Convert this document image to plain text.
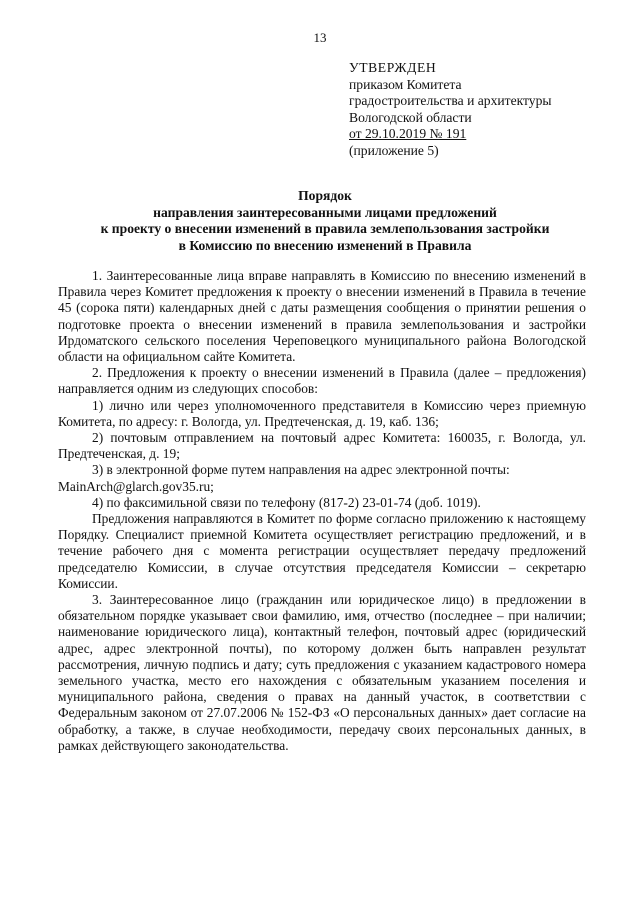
13
УТВЕРЖДЕН
приказом Комитета
градостроительства и архитектуры
Вологодской области
от 29.10.2019 № 191
(приложение 5)
Порядок
направления заинтересованными лицами предложений
к проекту о внесении изменений в правила землепользования застройки
в Комиссию по внесению изменений в Правила

1. Заинтересованные лица вправе направлять в Комиссию по внесению изменений в Правила через Комитет предложения к проекту о внесении изменений в Правила в течение 45 (сорока пяти) календарных дней с даты размещения сообщения о принятии решения о подготовке проекта о внесении изменений в правила землепользования и застройки Ирдоматского сельского поселения Череповецкого муниципального района Вологодской области на официальном сайте Комитета.

2. Предложения к проекту о внесении изменений в Правила (далее – предложения) направляется одним из следующих способов:

1) лично или через уполномоченного представителя в Комиссию через приемную Комитета, по адресу: г. Вологда, ул. Предтеченская, д. 19, каб. 136;

2) почтовым отправлением на почтовый адрес Комитета: 160035, г. Вологда, ул. Предтеченская, д. 19;

3) в электронной форме путем направления на адрес электронной почты:

MainArch@glarch.gov35.ru;

4) по факсимильной связи по телефону (817-2) 23-01-74 (доб. 1019).

Предложения направляются в Комитет по форме согласно приложению к настоящему Порядку. Специалист приемной Комитета осуществляет регистрацию предложений, и в течение рабочего дня с момента регистрации осуществляет передачу предложений председателю Комиссии, в случае отсутствия председателя Комиссии – секретарю Комиссии.

3. Заинтересованное лицо (гражданин или юридическое лицо) в предложении в обязательном порядке указывает свои фамилию, имя, отчество (последнее – при наличии; наименование юридического лица), контактный телефон, почтовый адрес (юридический адрес, адрес электронной почты), по которому должен быть направлен результат рассмотрения, личную подпись и дату; суть предложения с указанием кадастрового номера земельного участка, место его нахождения с обязательным указанием поселения и муниципального района, сведения о правах на данный участок, в соответствии с Федеральным законом от 27.07.2006 № 152-ФЗ «О персональных данных» дает согласие на обработку, а также, в случае необходимости, передачу своих персональных данных, в рамках действующего законодательства.
